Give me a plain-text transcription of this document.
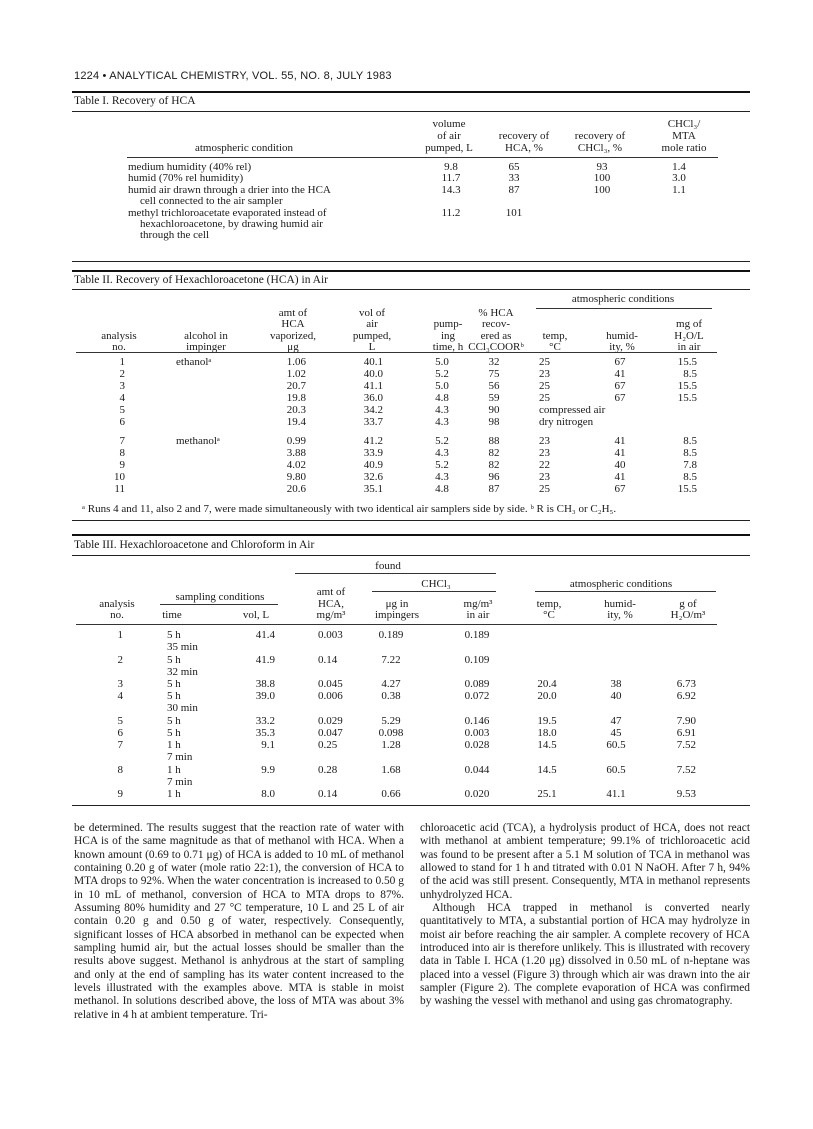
1224 • ANALYTICAL CHEMISTRY, VOL. 55, NO. 8, JULY 1983
Table I. Recovery of HCA
atmospheric condition
volume
of air
pumped, L
recovery of
HCA, %
recovery of
CHCl₃, %
CHCl₃/
MTA
mole ratio
medium humidity (40% rel)	9.8	65	93	1.4
humid (70% rel humidity)	11.7	33	100	3.0
humid air drawn through a drier into the HCA
cell connected to the air sampler
14.3	87	100	1.1
methyl trichloroacetate evaporated instead of
hexachloroacetone, by drawing humid air
through the cell
11.2	101
Table II. Recovery of Hexachloroacetone (HCA) in Air
atmospheric conditions
analysis
no.
alcohol in
impinger
amt of
HCA
vaporized,
μg
vol of
air
pumped,
L
pump-
ing
time, h
% HCA
recov-
ered as
CCl₃COORᵇ
temp,
°C
humid-
ity, %
mg of
H₂O/L
in air
1	ethanolᵃ	1.06	40.1	5.0	32	25	67	15.5
2	1.02	40.0	5.2	75	23	41	8.5
3	20.7	41.1	5.0	56	25	67	15.5
4	19.8	36.0	4.8	59	25	67	15.5
5	20.3	34.2	4.3	90	compressed air
6	19.4	33.7	4.3	98	dry nitrogen
7	methanolᵃ	0.99	41.2	5.2	88	23	41	8.5
8	3.88	33.9	4.3	82	23	41	8.5
9	4.02	40.9	5.2	82	22	40	7.8
10	9.80	32.6	4.3	96	23	41	8.5
11	20.6	35.1	4.8	87	25	67	15.5
ᵃ Runs 4 and 11, also 2 and 7, were made simultaneously with two identical air samplers side by side. ᵇ R is CH₃ or C₂H₅.
Table III. Hexachloroacetone and Chloroform in Air
found
CHCl₃	atmospheric conditions
sampling conditions
analysis
no.	time	vol, L
amt of
HCA,
mg/m³
μg in
impingers
mg/m³
in air
temp,
°C
humid-
ity, %
g of
H₂O/m³
1	5 h
35 min
41.4	0.003	0.189	0.189
2	5 h
32 min
41.9	0.14	7.22	0.109
3	5 h	38.8	0.045	4.27	0.089	20.4	38	6.73
4	5 h
30 min
39.0	0.006	0.38	0.072	20.0	40	6.92
5	5 h	33.2	0.029	5.29	0.146	19.5	47	7.90
6	5 h	35.3	0.047	0.098	0.003	18.0	45	6.91
7	1 h
7 min
9.1	0.25	1.28	0.028	14.5	60.5	7.52
8	1 h
7 min
9.9	0.28	1.68	0.044	14.5	60.5	7.52
9	1 h	8.0	0.14	0.66	0.020	25.1	41.1	9.53

be determined. The results suggest that the reaction rate of water with HCA is of the same magnitude as that of methanol with HCA. When a known amount (0.69 to 0.71 μg) of HCA is added to 10 mL of methanol containing 0.20 g of water (mole ratio 22:1), the conversion of HCA to MTA drops to 92%. When the water concentration is increased to 0.50 g in 10 mL of methanol, conversion of HCA to MTA drops to 87%. Assuming 80% humidity and 27 °C temperature, 10 L and 25 L of air contain 0.20 g and 0.50 g of water, respectively. Consequently, significant losses of HCA absorbed in methanol can be expected when sampling humid air, but the actual losses should be smaller than the results above suggest. Methanol is anhydrous at the start of sampling and only at the end of sampling has its water content increased to the levels illustrated with the examples above. MTA is stable in moist methanol. In solutions described above, the loss of MTA was about 3% relative in 4 h at ambient temperature. Tri-

chloroacetic acid (TCA), a hydrolysis product of HCA, does not react with methanol at ambient temperature; 99.1% of trichloroacetic acid was found to be present after a 5.1 M solution of TCA in methanol was allowed to stand for 1 h and titrated with 0.01 N NaOH. After 7 h, 94% of the acid was still present. Consequently, MTA in methanol represents unhydrolyzed HCA.

Although HCA trapped in methanol is converted nearly quantitatively to MTA, a substantial portion of HCA may hydrolyze in moist air before reaching the air sampler. A complete recovery of HCA introduced into air is therefore unlikely. This is illustrated with recovery data in Table I. HCA (1.20 μg) dissolved in 0.50 mL of n-heptane was placed into a vessel (Figure 3) through which air was drawn into the air sampler (Figure 2). The complete evaporation of HCA was confirmed by washing the vessel with methanol and using gas chromatography.
